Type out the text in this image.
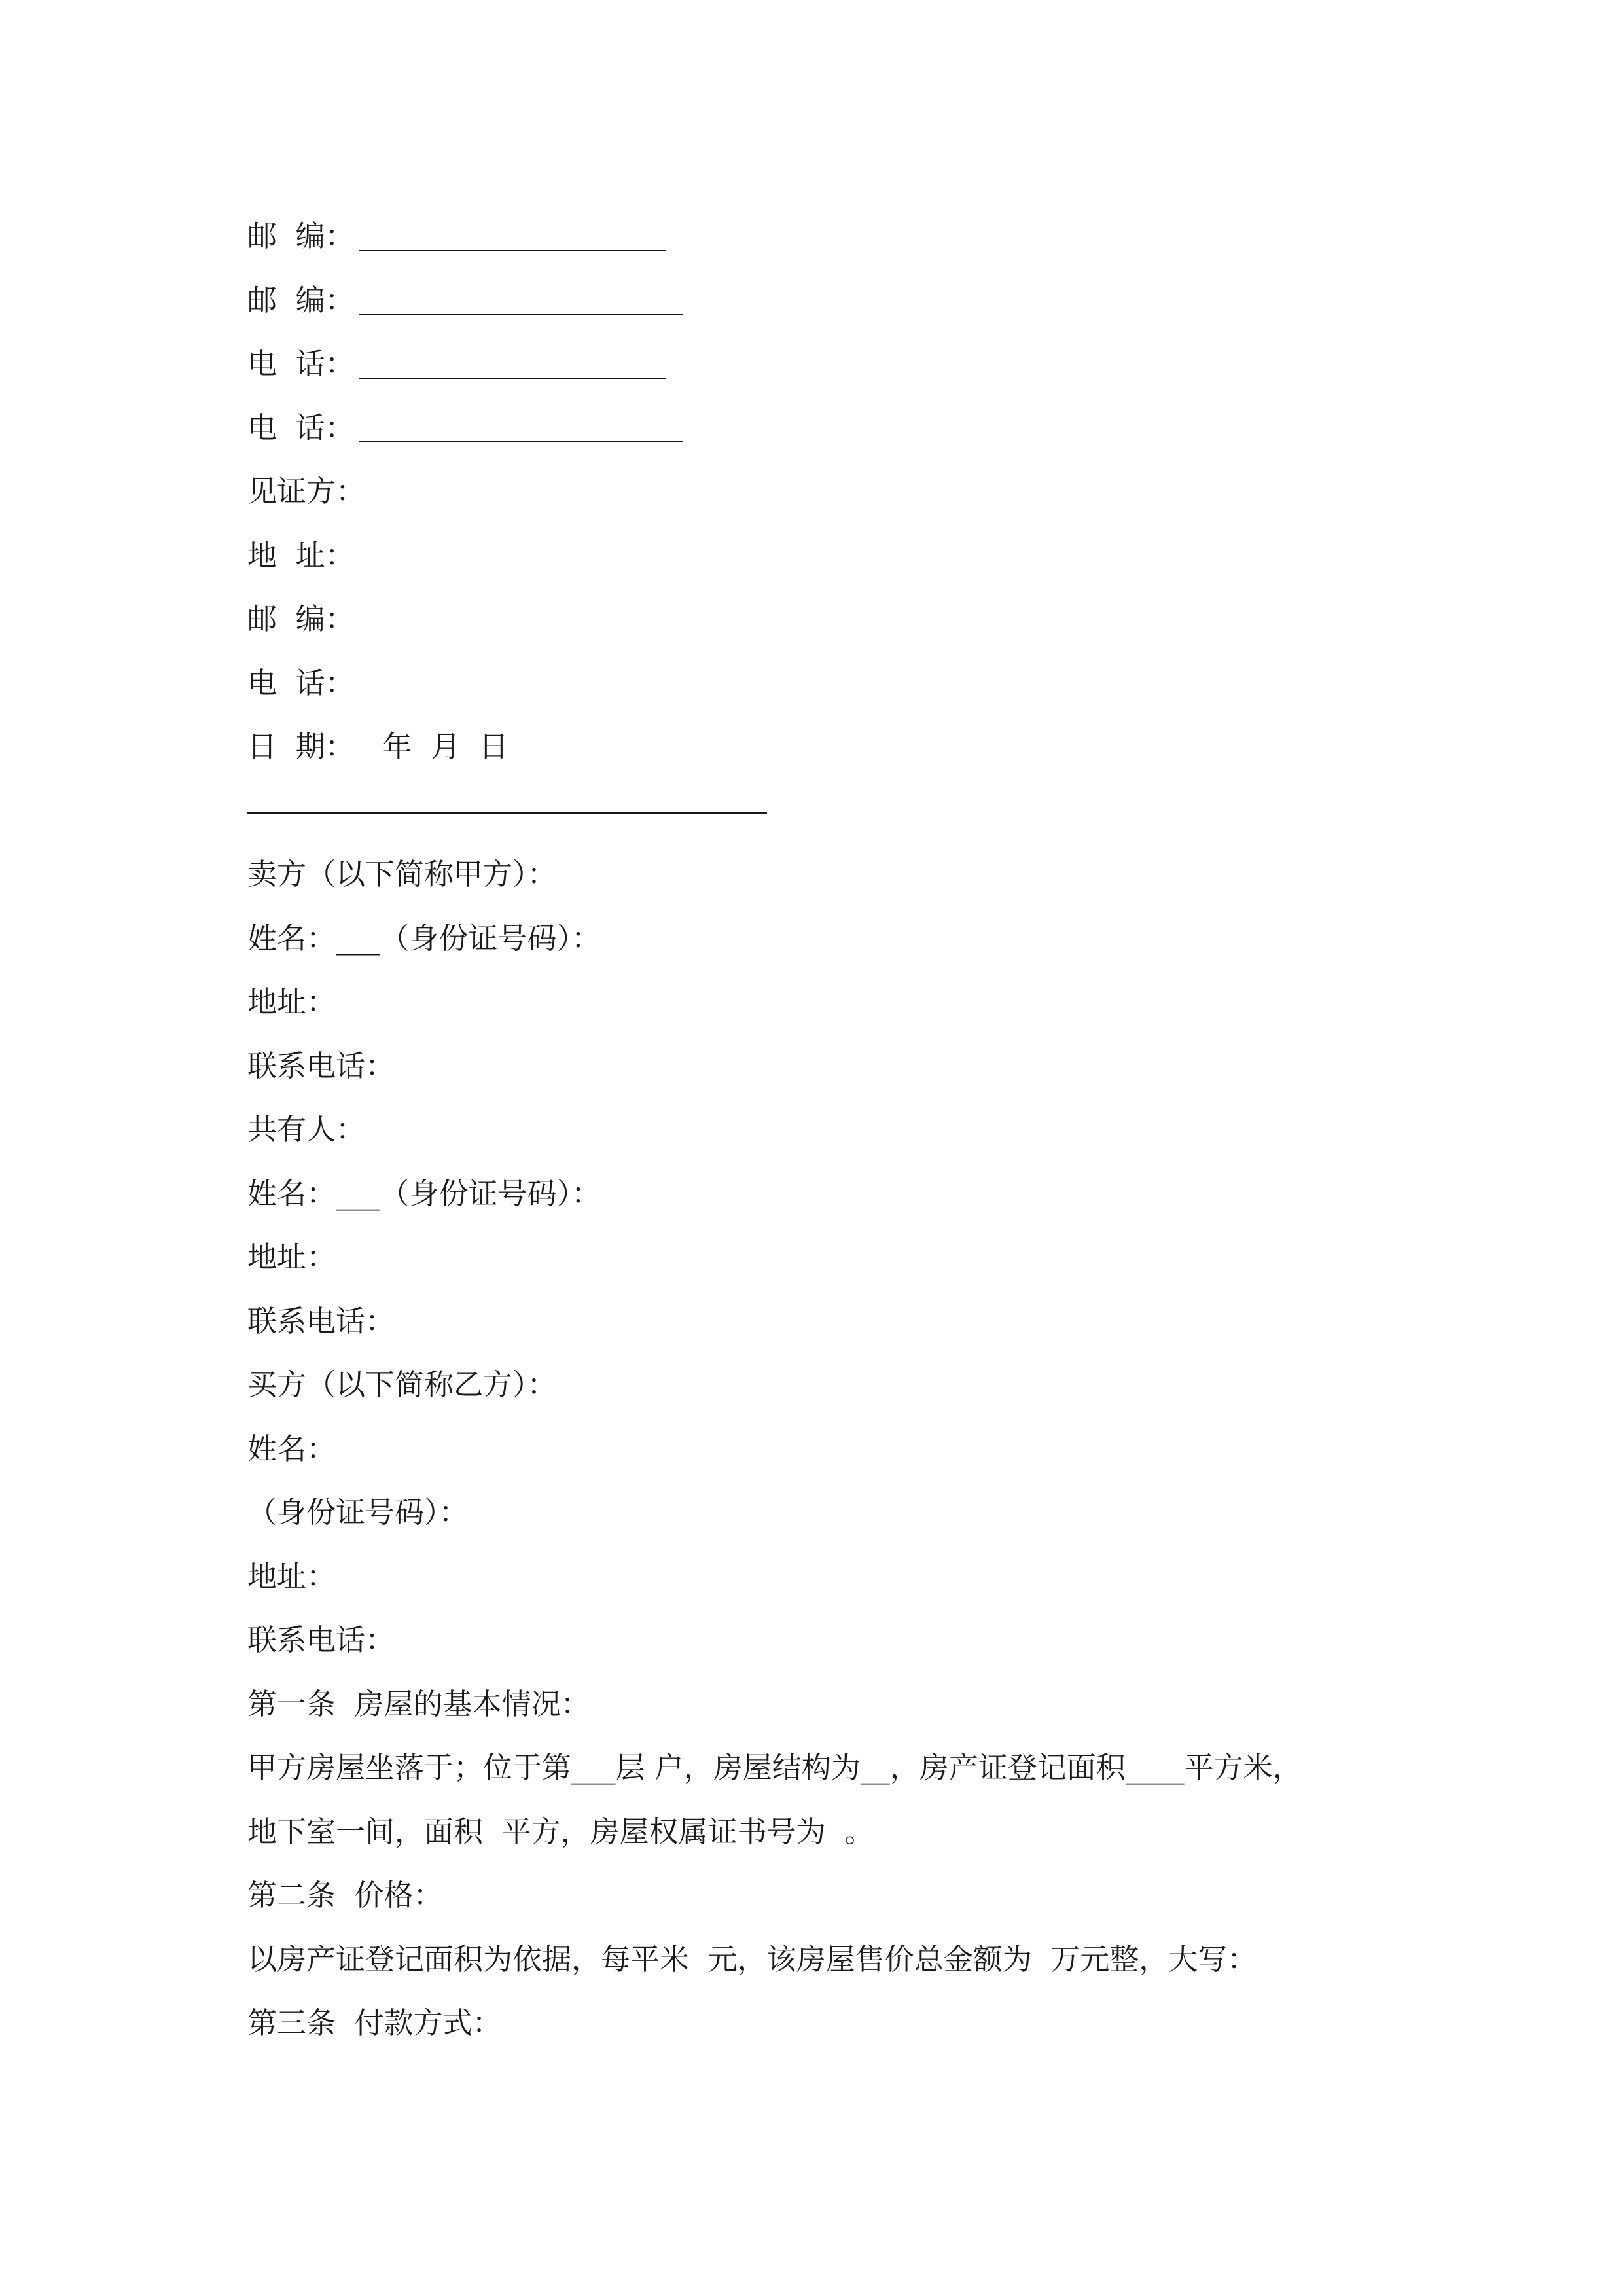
邮  编：
邮  编：
电  话：
电  话：
见证方：
地  址：
邮  编：
电  话：
日  期：   年  月  日
卖方（以下简称甲方）：
姓名：___（身份证号码）：
地址：
联系电话：
共有人：
姓名：___（身份证号码）：
地址：
联系电话：
买方（以下简称乙方）：
姓名：
（身份证号码）：
地址：
联系电话：
第一条  房屋的基本情况：
甲方房屋坐落于；位于第___层 户，房屋结构为__，房产证登记面积____平方米，
地下室一间，面积  平方，房屋权属证书号为  。
第二条  价格：
以房产证登记面积为依据，每平米  元，该房屋售价总金额为  万元整，大写：
第三条  付款方式：
